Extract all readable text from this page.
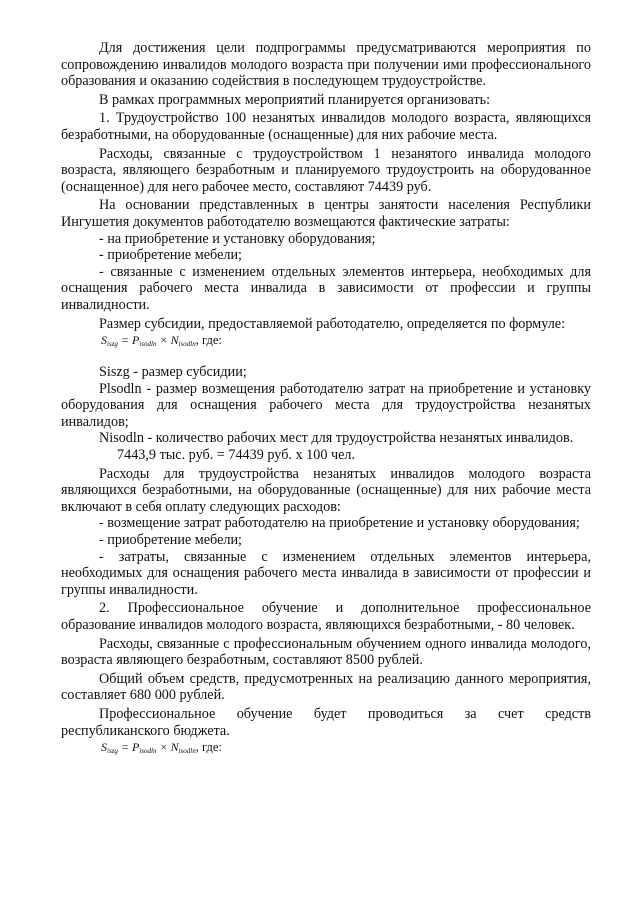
Для достижения цели подпрограммы предусматриваются мероприятия по сопровождению инвалидов молодого возраста при получении ими профессионального образования и оказанию содействия в последующем трудоустройстве.

В рамках программных мероприятий планируется организовать:

1. Трудоустройство 100 незанятых инвалидов молодого возраста, являющихся безработными, на оборудованные (оснащенные) для них рабочие места.

Расходы, связанные с трудоустройством 1 незанятого инвалида молодого возраста, являющего безработным и планируемого трудоустроить на оборудованное (оснащенное) для него рабочее место, составляют 74439 руб.

На основании представленных в центры занятости населения Республики Ингушетия документов работодателю возмещаются фактические затраты:

- на приобретение и установку оборудования;

- приобретение мебели;

- связанные с изменением отдельных элементов интерьера, необходимых для оснащения рабочего места инвалида в зависимости от профессии и группы инвалидности.

Размер субсидии, предоставляемой работодателю, определяется по формуле:

$S_{iszg} = P_{isodln} \times N_{isodln}$, где:

Siszg - размер субсидии;

Plsodln - размер возмещения работодателю затрат на приобретение и установку оборудования для оснащения рабочего места для трудоустройства незанятых инвалидов;

Nisodln - количество рабочих мест для трудоустройства незанятых инвалидов.

7443,9 тыс. руб. = 74439 руб. х 100 чел.

Расходы для трудоустройства незанятых инвалидов молодого возраста являющихся безработными, на оборудованные (оснащенные) для них рабочие места включают в себя оплату следующих расходов:

- возмещение затрат работодателю на приобретение и установку оборудования;

- приобретение мебели;

- затраты, связанные с изменением отдельных элементов интерьера, необходимых для оснащения рабочего места инвалида в зависимости от профессии и группы инвалидности.

2. Профессиональное обучение и дополнительное профессиональное образование инвалидов молодого возраста, являющихся безработными, - 80 человек.

Расходы, связанные с профессиональным обучением одного инвалида молодого, возраста являющего безработным, составляют 8500 рублей.

Общий объем средств, предусмотренных на реализацию данного мероприятия, составляет 680 000 рублей.

Профессиональное обучение будет проводиться за счет средств республиканского бюджета.

$S_{iszg} = P_{isodln} \times N_{isodln}$, где:
